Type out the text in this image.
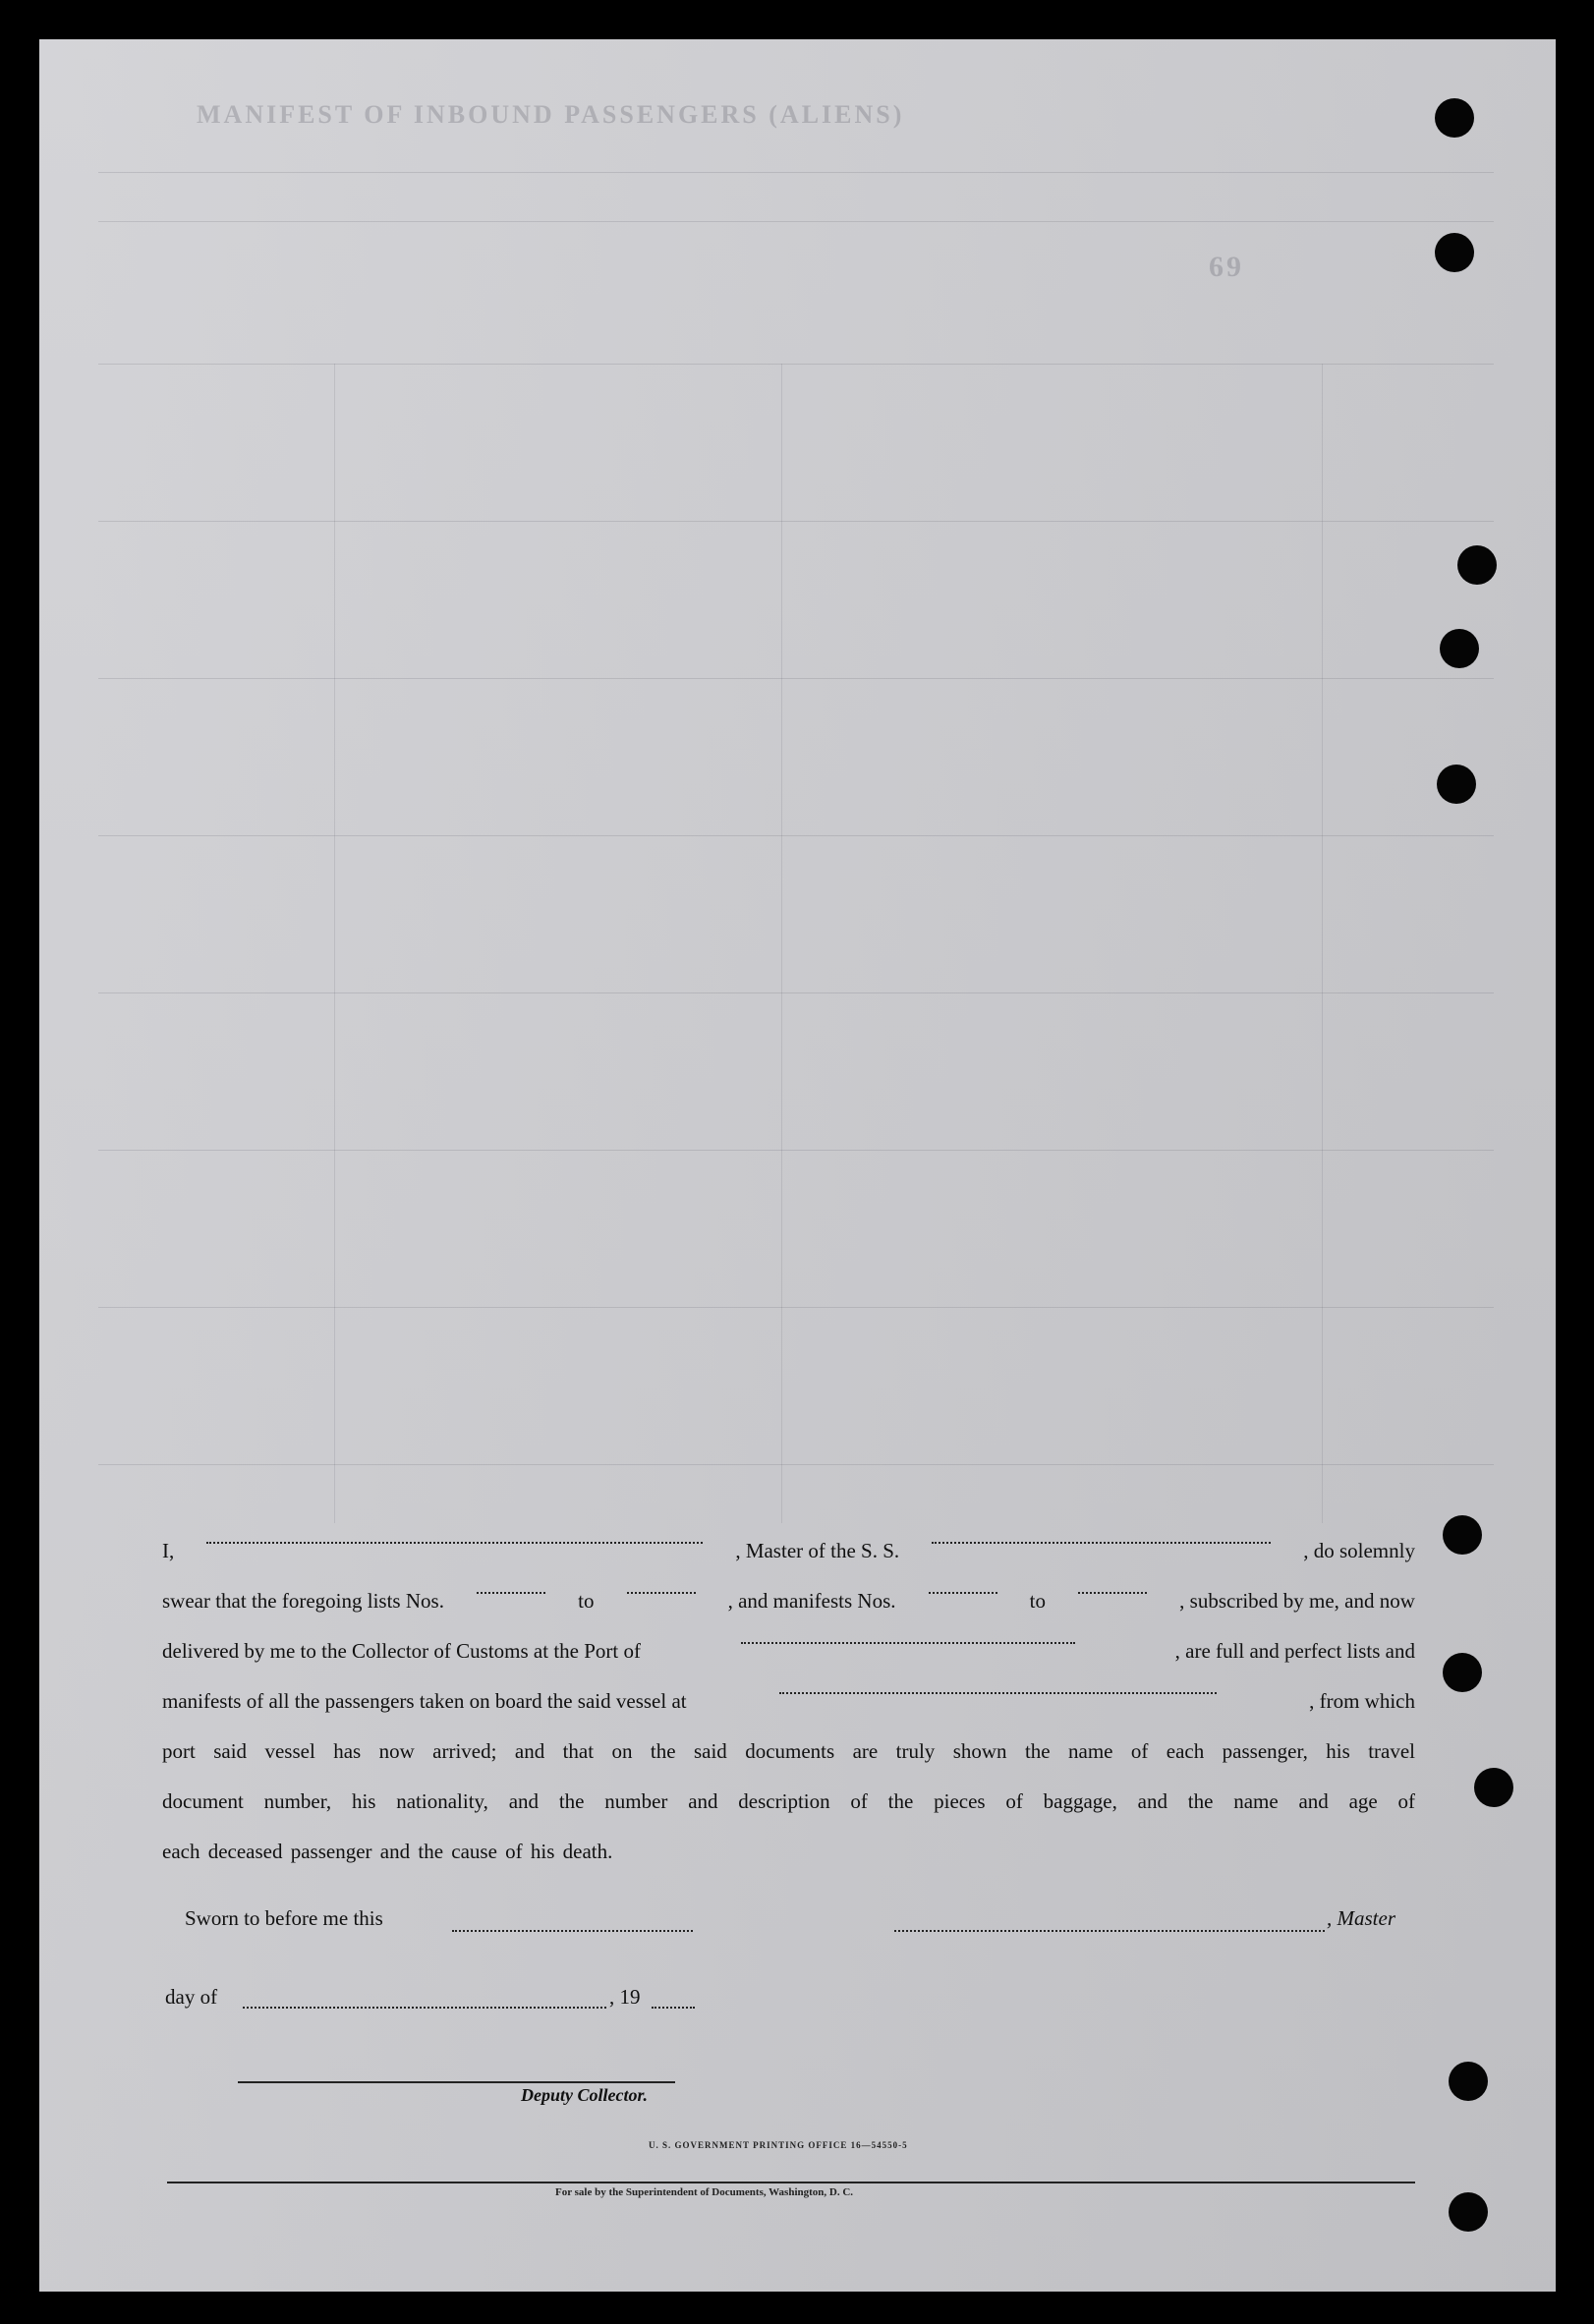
MANIFEST OF INBOUND PASSENGERS (ALIENS)
69
I,	, Master of the S. S.	, do solemnly
swear that the foregoing lists Nos.	to	, and manifests Nos.	to	, subscribed by me, and now
delivered by me to the Collector of Customs at the Port of	, are full and perfect lists and
manifests of all the passengers taken on board the said vessel at	, from which
port said vessel has now arrived; and that on the said documents are truly shown the name of each passenger, his travel
document number, his nationality, and the number and description of the pieces of baggage, and the name and age of
each deceased passenger and the cause of his death.
Sworn to before me this	, Master
day of	, 19
Deputy Collector.
U. S. GOVERNMENT PRINTING OFFICE 16—54550-5
For sale by the Superintendent of Documents, Washington, D. C.
